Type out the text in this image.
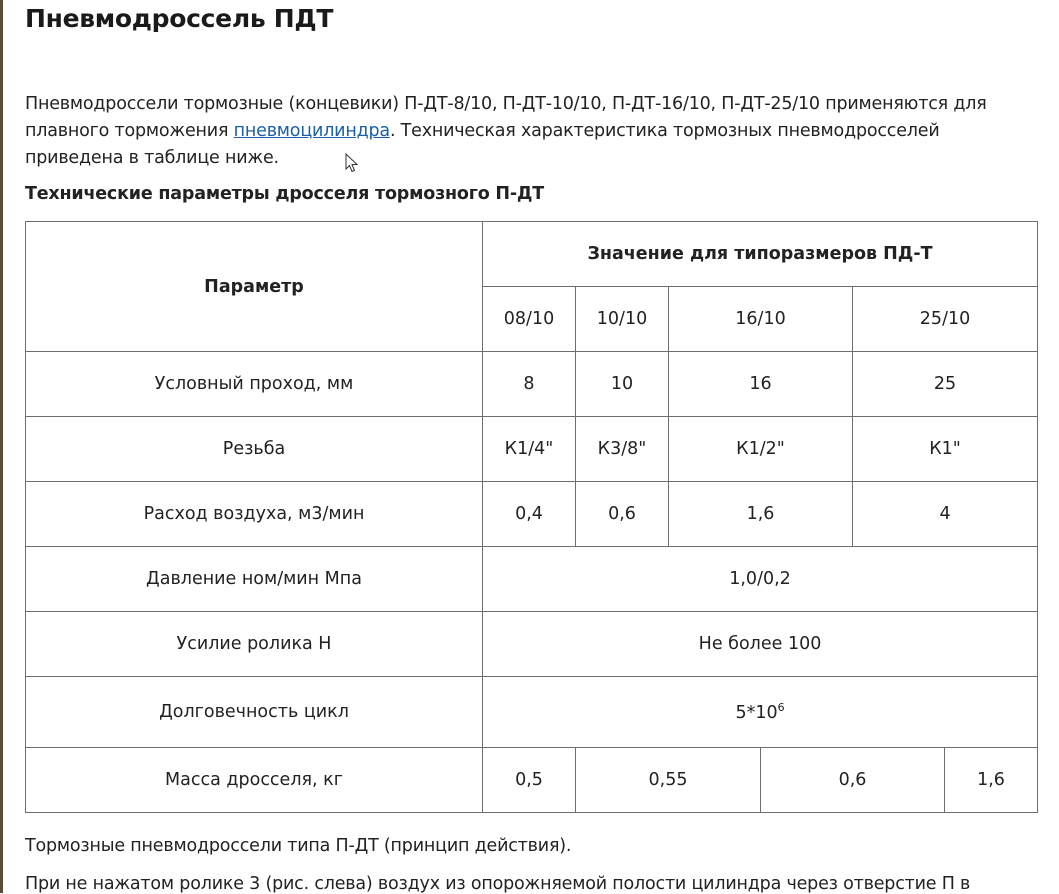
Пневмодроссель ПДТ

Пневмодроссели тормозные (концевики) П-ДТ-8/10, П-ДТ-10/10, П-ДТ-16/10, П-ДТ-25/10 применяются для плавного торможения пневмоцилиндра. Техническая характеристика тормозных пневмодросселей приведена в таблице ниже.

Технические параметры дросселя тормозного П-ДТ
Параметр	Значение для типоразмеров ПД-Т					
	08/10	10/10	16/10		25/10	
Условный проход, мм	8	10	16		25	
Резьба	К1/4"	К3/8"	К1/2"		К1"	
Расход воздуха, м3/мин	0,4	0,6	1,6		4	
Давление ном/мин Мпа	1,0/0,2					
Усилие ролика Н	Не более 100					
Долговечность цикл	$5*10^6$
Масса дросселя, кг	0,5	0,55		0,6		1,6

Тормозные пневмодроссели типа П-ДТ (принцип действия).

При не нажатом ролике 3 (рис. слева) воздух из опорожняемой полости цилиндра через отверстие П в
